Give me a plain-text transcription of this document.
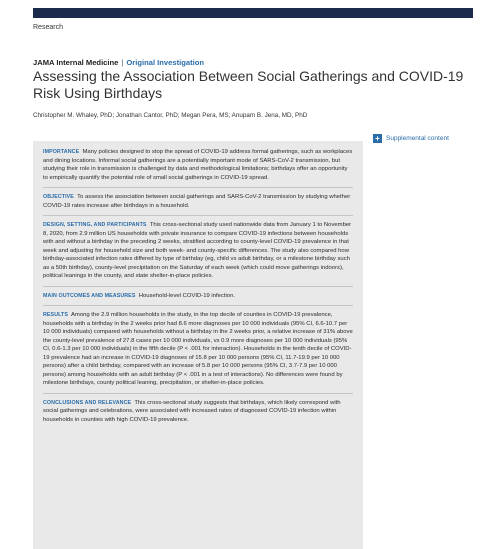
Research
JAMA Internal Medicine | Original Investigation
Assessing the Association Between Social Gatherings and COVID-19 Risk Using Birthdays
Christopher M. Whaley, PhD; Jonathan Cantor, PhD; Megan Pera, MS; Anupam B. Jena, MD, PhD
+ Supplemental content

IMPORTANCE Many policies designed to stop the spread of COVID-19 address formal gatherings, such as workplaces and dining locations. Informal social gatherings are a potentially important mode of SARS-CoV-2 transmission, but studying their role in transmission is challenged by data and methodological limitations; birthdays offer an opportunity to empirically quantify the potential role of small social gatherings in COVID-19 spread.

OBJECTIVE To assess the association between social gatherings and SARS-CoV-2 transmission by studying whether COVID-19 rates increase after birthdays in a household.

DESIGN, SETTING, AND PARTICIPANTS This cross-sectional study used nationwide data from January 1 to November 8, 2020, from 2.9 million US households with private insurance to compare COVID-19 infections between households with and without a birthday in the preceding 2 weeks, stratified according to county-level COVID-19 prevalence in that week and adjusting for household size and both week- and county-specific differences. The study also compared how birthday-associated infection rates differed by type of birthday (eg, child vs adult birthday, or a milestone birthday such as a 50th birthday), county-level precipitation on the Saturday of each week (which could move gatherings indoors), political leanings in the county, and state shelter-in-place policies.

MAIN OUTCOMES AND MEASURES Household-level COVID-19 infection.

RESULTS Among the 2.9 million households in the study, in the top decile of counties in COVID-19 prevalence, households with a birthday in the 2 weeks prior had 8.6 more diagnoses per 10 000 individuals (95% CI, 6.6-10.7 per 10 000 individuals) compared with households without a birthday in the 2 weeks prior, a relative increase of 31% above the county-level prevalence of 27.8 cases per 10 000 individuals, vs 0.9 more diagnoses per 10 000 individuals (95% CI, 0.6-1.3 per 10 000 individuals) in the fifth decile (P < .001 for interaction). Households in the tenth decile of COVID-19 prevalence had an increase in COVID-19 diagnoses of 15.8 per 10 000 persons (95% CI, 11.7-19.9 per 10 000 persons) after a child birthday, compared with an increase of 5.8 per 10 000 persons (95% CI, 3.7-7.9 per 10 000 persons) among households with an adult birthday (P < .001 in a test of interactions). No differences were found by milestone birthdays, county political leaning, precipitation, or shelter-in-place policies.

CONCLUSIONS AND RELEVANCE This cross-sectional study suggests that birthdays, which likely correspond with social gatherings and celebrations, were associated with increased rates of diagnosed COVID-19 infection within households in counties with high COVID-19 prevalence.
